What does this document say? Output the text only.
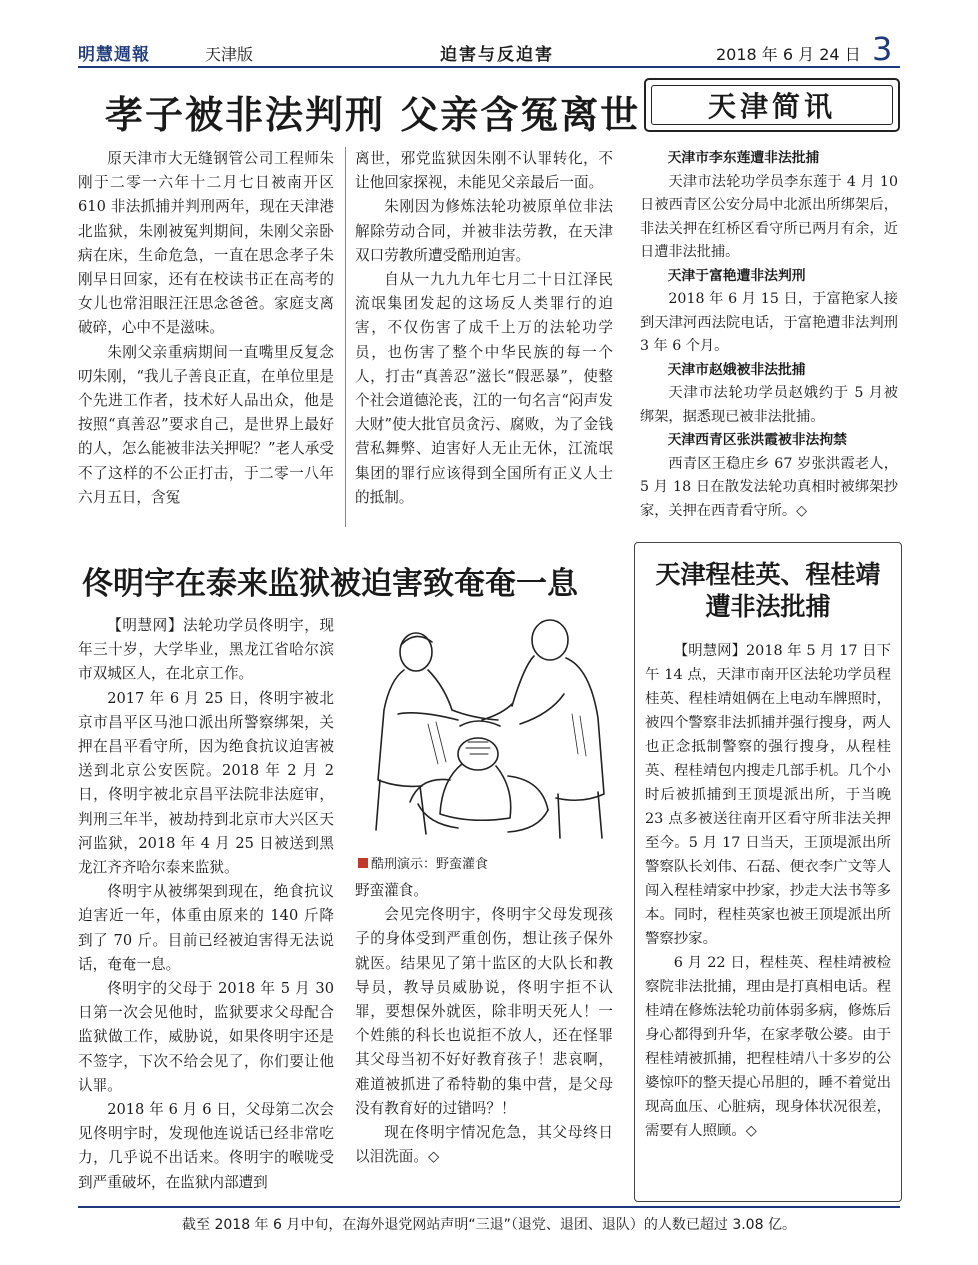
明慧週報	天津版	迫害与反迫害	2018 年 6 月 24 日 3
孝子被非法判刑 父亲含冤离世

原天津市大无缝钢管公司工程师朱刚于二零一六年十二月七日被南开区 610 非法抓捕并判刑两年，现在天津港北监狱，朱刚被冤判期间，朱刚父亲卧病在床，生命危急，一直在思念孝子朱刚早日回家，还有在校读书正在高考的女儿也常泪眼汪汪思念爸爸。家庭支离破碎，心中不是滋味。

朱刚父亲重病期间一直嘴里反复念叨朱刚，“我儿子善良正直，在单位里是个先进工作者，技术好人品出众，他是按照“真善忍”要求自己，是世界上最好的人，怎么能被非法关押呢？”老人承受不了这样的不公正打击，于二零一八年六月五日，含冤

离世，邪党监狱因朱刚不认罪转化，不让他回家探视，未能见父亲最后一面。

朱刚因为修炼法轮功被原单位非法解除劳动合同，并被非法劳教，在天津双口劳教所遭受酷刑迫害。

自从一九九九年七月二十日江泽民流氓集团发起的这场反人类罪行的迫害，不仅伤害了成千上万的法轮功学员，也伤害了整个中华民族的每一个人，打击“真善忍”滋长“假恶暴”，使整个社会道德沦丧，江的一句名言“闷声发大财”使大批官员贪污、腐败，为了金钱营私舞弊、迫害好人无止无休，江流氓集团的罪行应该得到全国所有正义人士的抵制。

天津简讯

天津市李东莲遭非法批捕

天津市法轮功学员李东莲于 4 月 10 日被西青区公安分局中北派出所绑架后，非法关押在红桥区看守所已两月有余，近日遭非法批捕。

天津于富艳遭非法判刑

2018 年 6 月 15 日，于富艳家人接到天津河西法院电话，于富艳遭非法判刑 3 年 6 个月。

天津市赵娥被非法批捕

天津市法轮功学员赵娥约于 5 月被绑架，据悉现已被非法批捕。

天津西青区张洪霞被非法拘禁

西青区王稳庄乡 67 岁张洪霞老人，5 月 18 日在散发法轮功真相时被绑架抄家，关押在西青看守所。◇

佟明宇在泰来监狱被迫害致奄奄一息

【明慧网】法轮功学员佟明宇，现年三十岁，大学毕业，黑龙江省哈尔滨市双城区人，在北京工作。

2017 年 6 月 25 日，佟明宇被北京市昌平区马池口派出所警察绑架，关押在昌平看守所，因为绝食抗议迫害被送到北京公安医院。2018 年 2 月 2 日，佟明宇被北京昌平法院非法庭审，判刑三年半，被劫持到北京市大兴区天河监狱，2018 年 4 月 25 日被送到黑龙江齐齐哈尔泰来监狱。

佟明宇从被绑架到现在，绝食抗议迫害近一年，体重由原来的 140 斤降到了 70 斤。目前已经被迫害得无法说话，奄奄一息。

佟明宇的父母于 2018 年 5 月 30 日第一次会见他时，监狱要求父母配合监狱做工作，威胁说，如果佟明宇还是不签字，下次不给会见了，你们要让他认罪。

2018 年 6 月 6 日，父母第二次会见佟明宇时，发现他连说话已经非常吃力，几乎说不出话来。佟明宇的喉咙受到严重破坏，在监狱内部遭到

酷刑演示：野蛮灌食

野蛮灌食。

会见完佟明宇，佟明宇父母发现孩子的身体受到严重创伤，想让孩子保外就医。结果见了第十监区的大队长和教导员，教导员威胁说，佟明宇拒不认罪，要想保外就医，除非明天死人！一个姓熊的科长也说拒不放人，还在怪罪其父母当初不好好教育孩子！悲哀啊，难道被抓进了希特勒的集中营，是父母没有教育好的过错吗？！

现在佟明宇情况危急，其父母终日以泪洗面。◇

天津程桂英、程桂靖
遭非法批捕

【明慧网】2018 年 5 月 17 日下午 14 点，天津市南开区法轮功学员程桂英、程桂靖姐俩在上电动车牌照时，被四个警察非法抓捕并强行搜身，两人也正念抵制警察的强行搜身，从程桂英、程桂靖包内搜走几部手机。几个小时后被抓捕到王顶堤派出所，于当晚 23 点多被送往南开区看守所非法关押至今。5 月 17 日当天，王顶堤派出所警察队长刘伟、石磊、便衣李广文等人闯入程桂靖家中抄家，抄走大法书等多本。同时，程桂英家也被王顶堤派出所警察抄家。

6 月 22 日，程桂英、程桂靖被检察院非法批捕，理由是打真相电话。程桂靖在修炼法轮功前体弱多病，修炼后身心都得到升华，在家孝敬公婆。由于程桂靖被抓捕，把程桂靖八十多岁的公婆惊吓的整天提心吊胆的，睡不着觉出现高血压、心脏病，现身体状况很差，需要有人照顾。◇

截至 2018 年 6 月中旬，在海外退党网站声明“三退”（退党、退团、退队）的人数已超过 3.08 亿。
